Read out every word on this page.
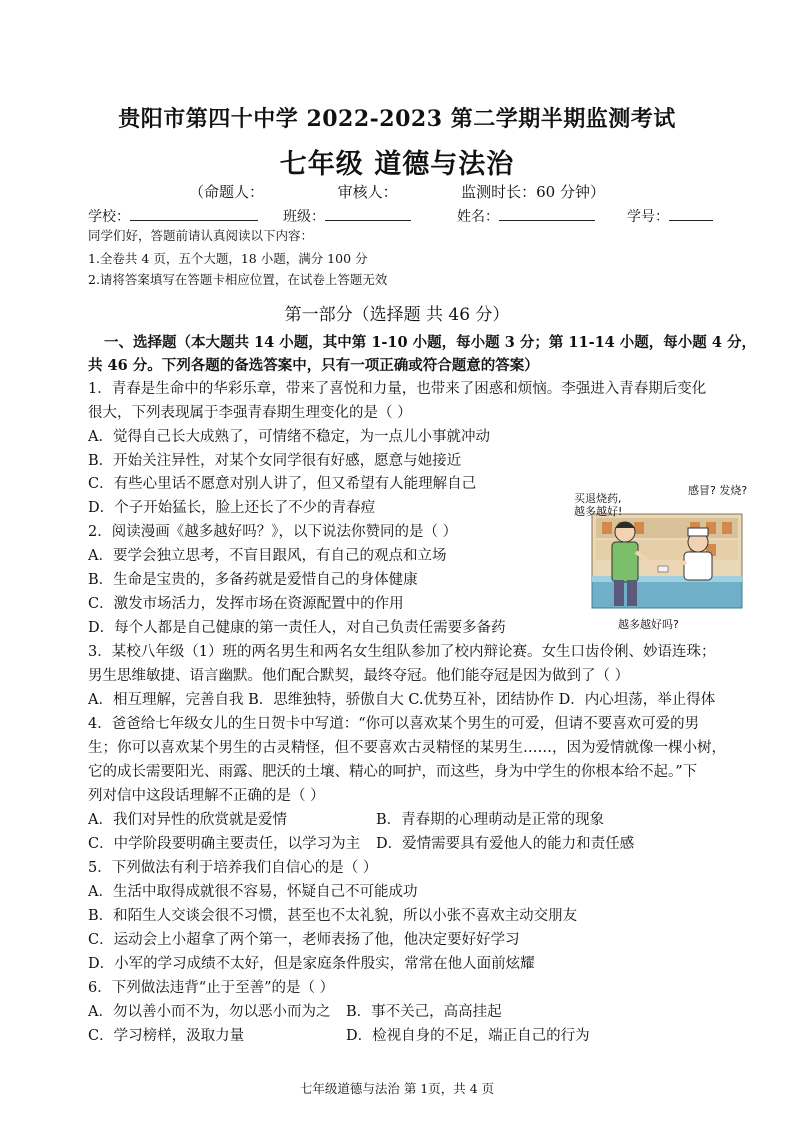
贵阳市第四十中学 2022-2023 第二学期半期监测考试
七年级 道德与法治
（命题人：	审核人：	监测时长：60 分钟）
学校：	班级：	姓名：	学号：
同学们好，答题前请认真阅读以下内容：
1.全卷共 4 页，五个大题，18 小题，满分 100 分
2.请将答案填写在答题卡相应位置，在试卷上答题无效
第一部分（选择题 共 46 分）
一、选择题（本大题共 14 小题，其中第 1-10 小题，每小题 3 分；第 11-14 小题，每小题 4 分，
共 46 分。下列各题的备选答案中，只有一项正确或符合题意的答案）
1．青春是生命中的华彩乐章，带来了喜悦和力量，也带来了困惑和烦恼。李强进入青春期后变化
很大，下列表现属于李强青春期生理变化的是（ ）
A．觉得自己长大成熟了，可情绪不稳定，为一点儿小事就冲动
B．开始关注异性，对某个女同学很有好感，愿意与她接近
C．有些心里话不愿意对别人讲了，但又希望有人能理解自己
D．个子开始猛长，脸上还长了不少的青春痘
2．阅读漫画《越多越好吗？》，以下说法你赞同的是（ ）
A．要学会独立思考，不盲目跟风，有自己的观点和立场
B．生命是宝贵的，多备药就是爱惜自己的身体健康
C．激发市场活力，发挥市场在资源配置中的作用
D．每个人都是自己健康的第一责任人，对自己负责任需要多备药
买退烧药,
越多越好!
感冒? 发烧?
越多越好吗?
3．某校八年级（1）班的两名男生和两名女生组队参加了校内辩论赛。女生口齿伶俐、妙语连珠；
男生思维敏捷、语言幽默。他们配合默契，最终夺冠。他们能夺冠是因为做到了（ ）
A．相互理解，完善自我 B．思维独特，骄傲自大 C.优势互补，团结协作 D．内心坦荡，举止得体
4．爸爸给七年级女儿的生日贺卡中写道：“你可以喜欢某个男生的可爱，但请不要喜欢可爱的男
生；你可以喜欢某个男生的古灵精怪，但不要喜欢古灵精怪的某男生……，因为爱情就像一棵小树，
它的成长需要阳光、雨露、肥沃的土壤、精心的呵护，而这些，身为中学生的你根本给不起。”下
列对信中这段话理解不正确的是（ ）
A．我们对异性的欣赏就是爱情	B．青春期的心理萌动是正常的现象
C．中学阶段要明确主要责任，以学习为主 D．爱情需要具有爱他人的能力和责任感
5．下列做法有利于培养我们自信心的是（ ）
A．生活中取得成就很不容易，怀疑自己不可能成功
B．和陌生人交谈会很不习惯，甚至也不太礼貌，所以小张不喜欢主动交朋友
C．运动会上小超拿了两个第一，老师表扬了他，他决定要好好学习
D．小军的学习成绩不太好，但是家庭条件殷实，常常在他人面前炫耀
6．下列做法违背“止于至善”的是（ ）
A．勿以善小而不为，勿以恶小而为之 B．事不关己，高高挂起
C．学习榜样，汲取力量	D．检视自身的不足，端正自己的行为
七年级道德与法治 第 1页，共 4 页
